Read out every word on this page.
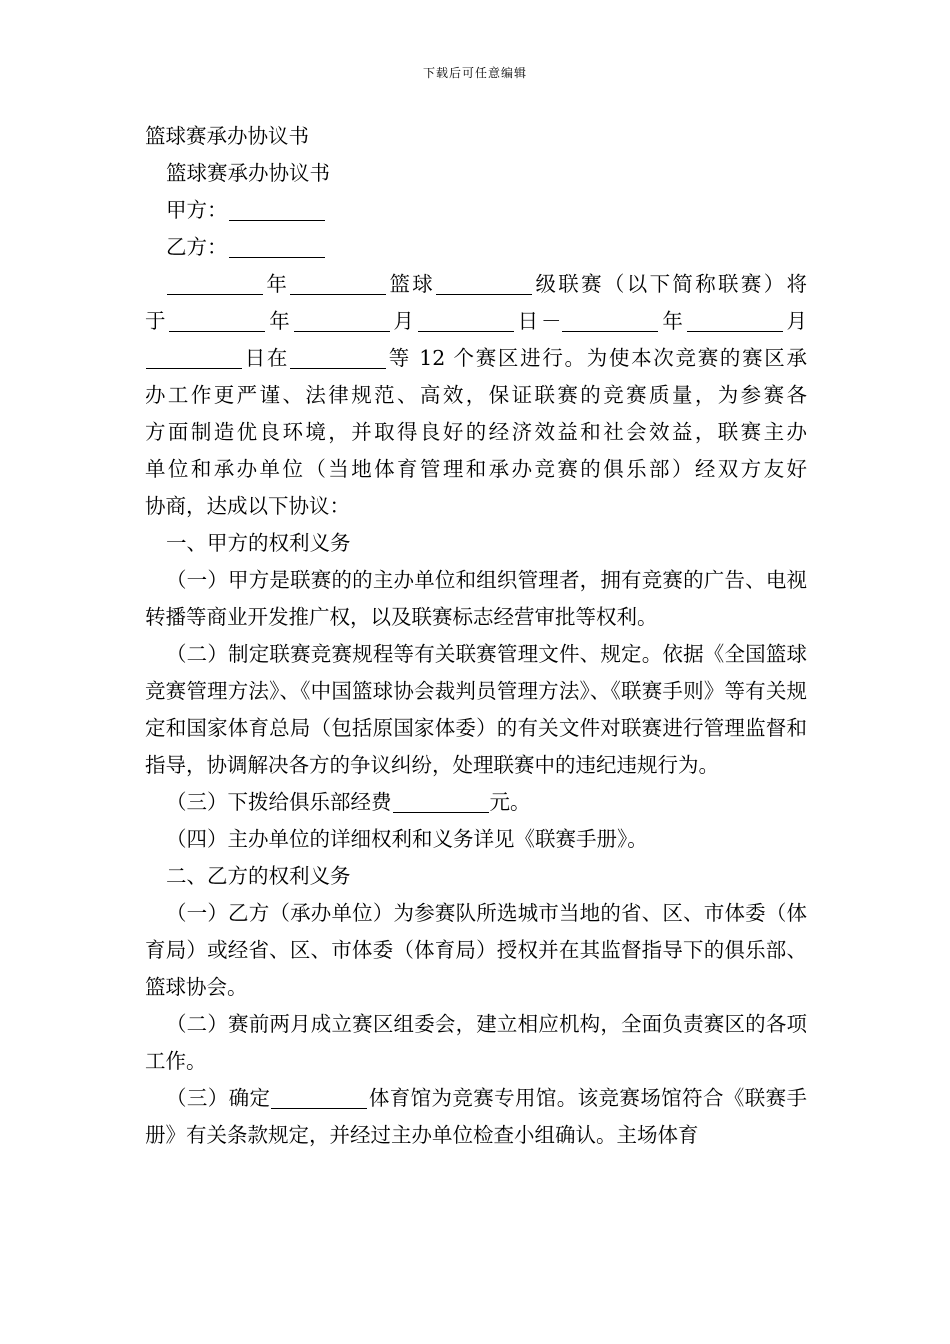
下载后可任意编辑

篮球赛承办协议书

篮球赛承办协议书

甲方：

乙方：

年	篮球	级联赛（以下简称联赛）将

于	年	月	日－	年	月

日在	等 12 个赛区进行。为使本次竞赛的赛区承

办工作更严谨、法律规范、高效，保证联赛的竞赛质量，为参赛各

方面制造优良环境，并取得良好的经济效益和社会效益，联赛主办

单位和承办单位（当地体育管理和承办竞赛的俱乐部）经双方友好

协商，达成以下协议：

一、甲方的权利义务

（一）甲方是联赛的的主办单位和组织管理者，拥有竞赛的广告、电视转播等商业开发推广权，以及联赛标志经营审批等权利。

（二）制定联赛竞赛规程等有关联赛管理文件、规定。依据《全国篮球竞赛管理方法》、《中国篮球协会裁判员管理方法》、《联赛手则》等有关规定和国家体育总局（包括原国家体委）的有关文件对联赛进行管理监督和指导，协调解决各方的争议纠纷，处理联赛中的违纪违规行为。

（三）下拨给俱乐部经费	元。

（四）主办单位的详细权利和义务详见《联赛手册》。

二、乙方的权利义务

（一）乙方（承办单位）为参赛队所选城市当地的省、区、市体委（体育局）或经省、区、市体委（体育局）授权并在其监督指导下的俱乐部、篮球协会。

（二）赛前两月成立赛区组委会，建立相应机构，全面负责赛区的各项工作。

（三）确定	体育馆为竞赛专用馆。该竞赛场馆符合《联赛手册》有关条款规定，并经过主办单位检查小组确认。主场体育
